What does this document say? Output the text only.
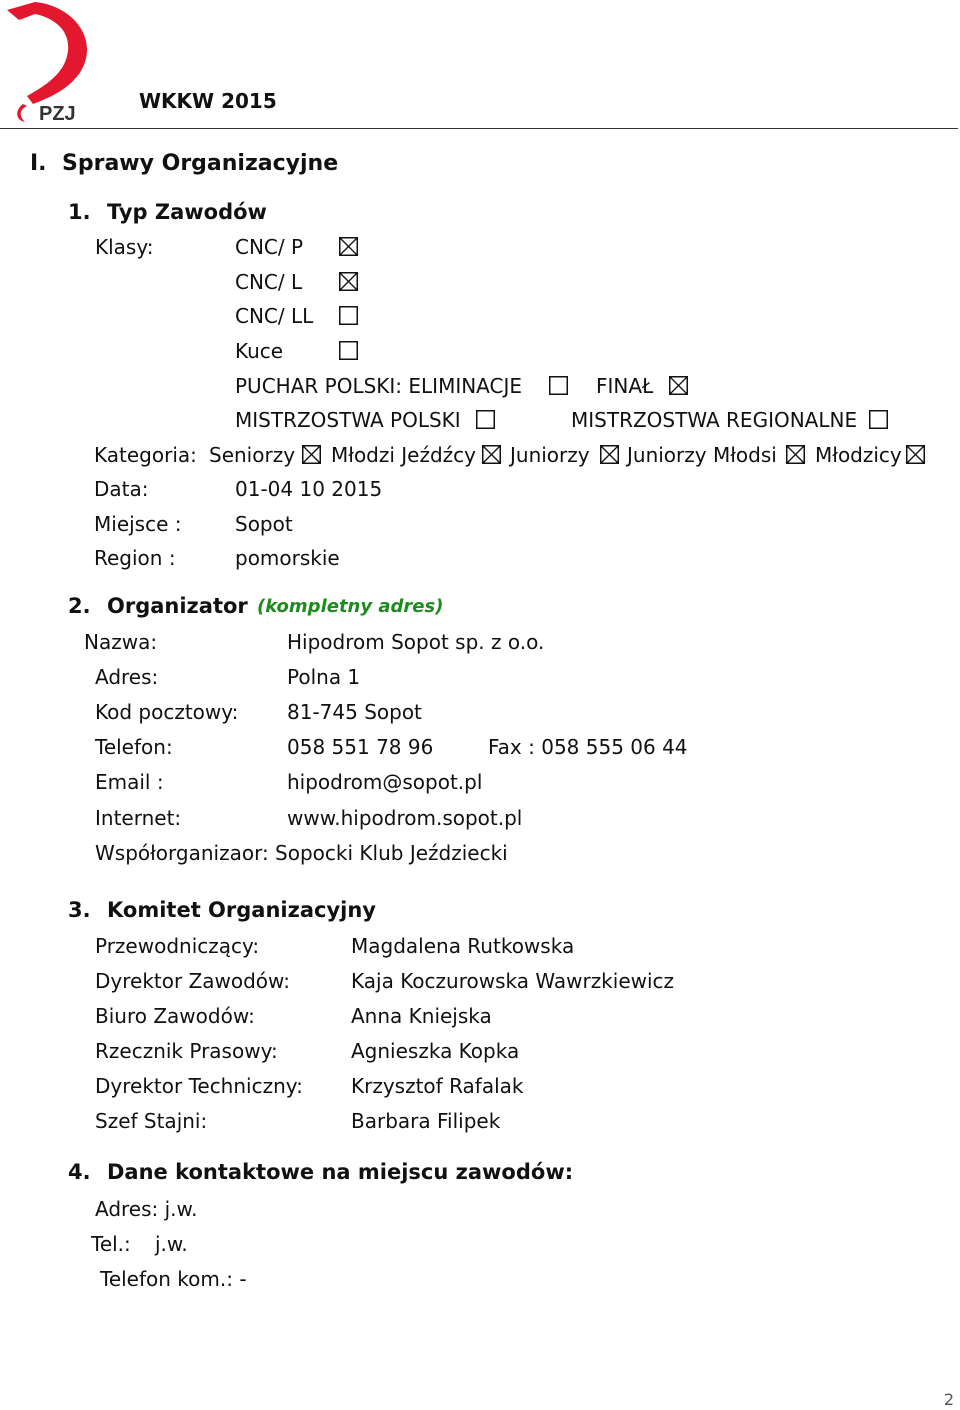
PZJ
WKKW 2015
I. Sprawy Organizacyjne
1. Typ Zawodów
Klasy:	CNC/ P
CNC/ L
CNC/ LL
Kuce
PUCHAR POLSKI: ELIMINACJE	FINAŁ
MISTRZOSTWA POLSKI	MISTRZOSTWA REGIONALNE
Kategoria: Seniorzy Młodzi Jeźdźcy Juniorzy Juniorzy Młodsi Młodzicy
Data:	01-04 10 2015
Miejsce :	Sopot
Region :	pomorskie
2. Organizator (kompletny adres)
Nazwa:	Hipodrom Sopot sp. z o.o.
Adres:	Polna 1
Kod pocztowy: 81-745 Sopot
Telefon:	058 551 78 96	Fax : 058 555 06 44
Email :	hipodrom@sopot.pl
Internet:	www.hipodrom.sopot.pl
Współorganizaor: Sopocki Klub Jeździecki
3. Komitet Organizacyjny
Przewodniczący:	Magdalena Rutkowska
Dyrektor Zawodów:	Kaja Koczurowska Wawrzkiewicz
Biuro Zawodów:	Anna Kniejska
Rzecznik Prasowy:	Agnieszka Kopka
Dyrektor Techniczny: Krzysztof Rafalak
Szef Stajni:	Barbara Filipek
4. Dane kontaktowe na miejscu zawodów:
Adres: j.w.
Tel.: j.w.
Telefon kom.: -
2
